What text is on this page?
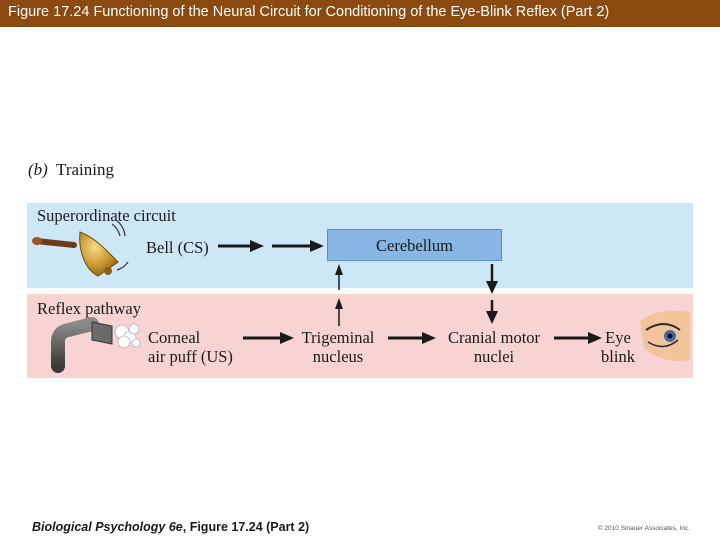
Figure 17.24 Functioning of the Neural Circuit for Conditioning of the Eye-Blink Reflex (Part 2)
(b) Training
Superordinate circuit
Reflex pathway
Cerebellum
Bell (CS)
Corneal
air puff (US)
Trigeminal
nucleus
Cranial motor
nuclei
Eye
blink
Biological Psychology 6e, Figure 17.24 (Part 2)	© 2010 Sinauer Associates, Inc.
